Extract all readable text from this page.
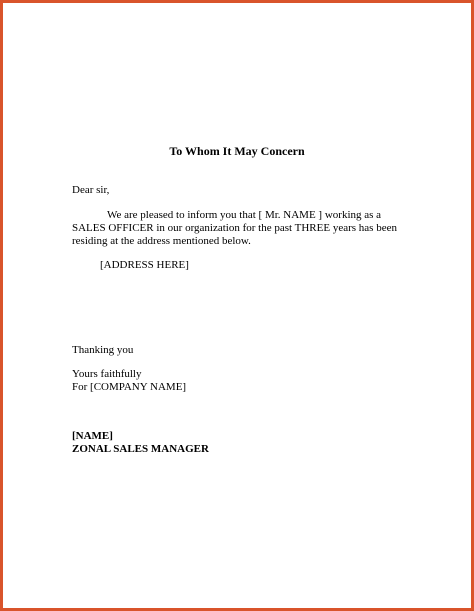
To Whom It May Concern
Dear sir,
We are pleased to inform you that [ Mr. NAME ] working as a
SALES OFFICER in our organization for the past THREE years has been
residing at the address mentioned below.
[ADDRESS HERE]
Thanking you
Yours faithfully
For [COMPANY NAME]
[NAME]
ZONAL SALES MANAGER
